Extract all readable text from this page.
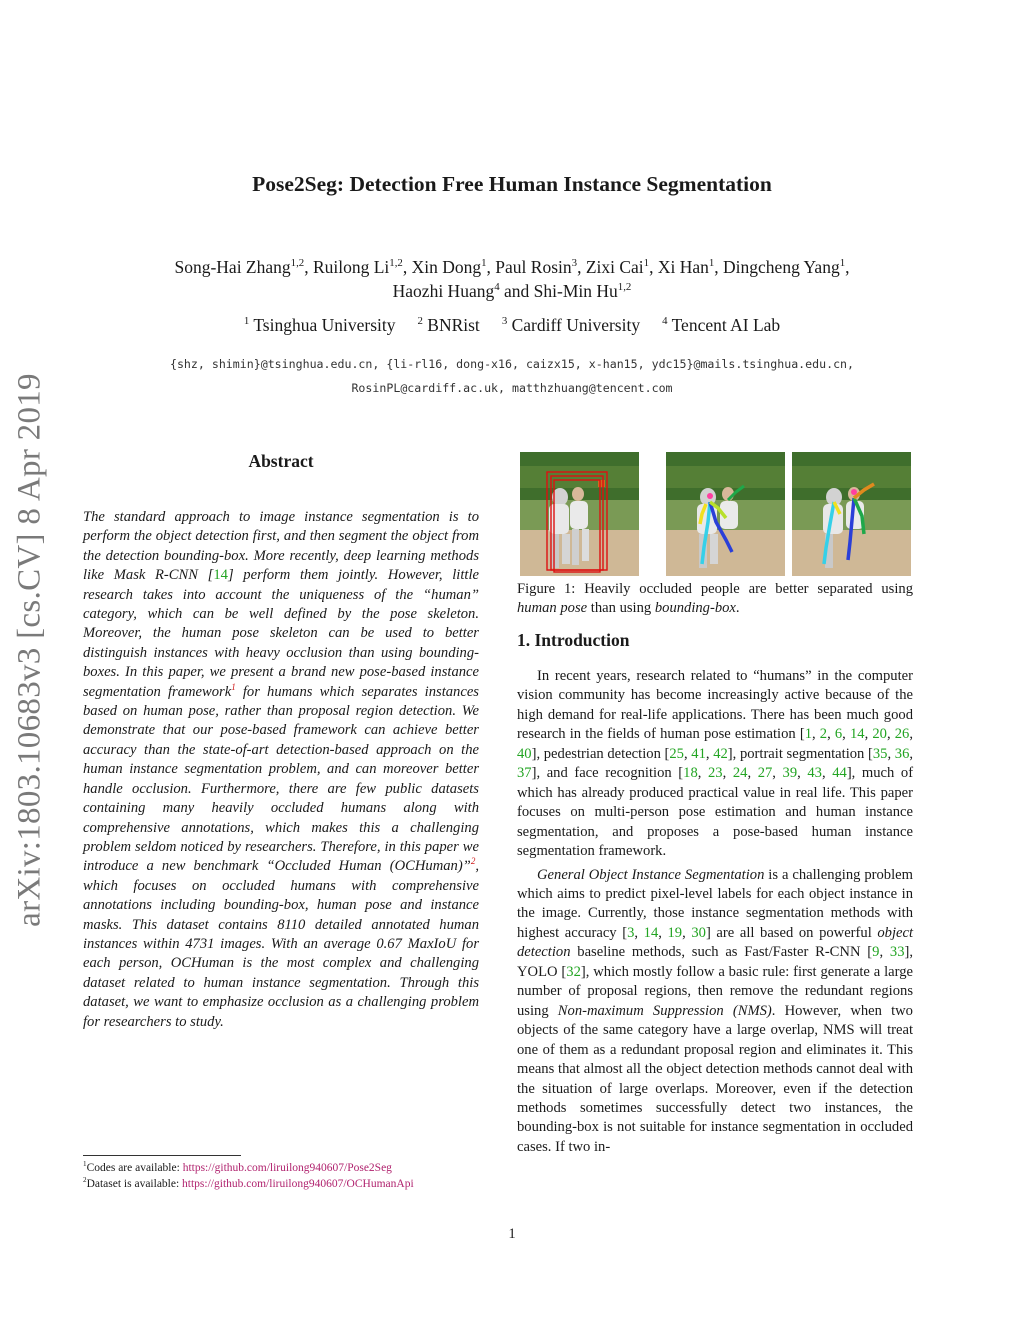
arXiv:1803.10683v3 [cs.CV] 8 Apr 2019
Pose2Seg: Detection Free Human Instance Segmentation
Song-Hai Zhang$^{1,2}$, Ruilong Li$^{1,2}$, Xin Dong$^1$, Paul Rosin$^3$, Zixi Cai$^1$, Xi Han$^1$, Dingcheng Yang$^1$,
Haozhi Huang$^4$ and Shi-Min Hu$^{1,2}$
$^1$ Tsinghua University $^2$ BNRist $^3$ Cardiff University $^4$ Tencent AI Lab
{shz, shimin}@tsinghua.edu.cn, {li-rl16, dong-x16, caizx15, x-han15, ydc15}@mails.tsinghua.edu.cn,
RosinPL@cardiff.ac.uk, matthzhuang@tencent.com
Abstract
The standard approach to image instance segmentation is to perform the object detection first, and then segment the object from the detection bounding-box. More recently, deep learning methods like Mask R-CNN [14] perform them jointly. However, little research takes into account the uniqueness of the “human” category, which can be well defined by the pose skeleton. Moreover, the human pose skeleton can be used to better distinguish instances with heavy occlusion than using bounding-boxes. In this paper, we present a brand new pose-based instance segmentation framework$^1$ for humans which separates instances based on human pose, rather than proposal region detection. We demonstrate that our pose-based framework can achieve better accuracy than the state-of-art detection-based approach on the human instance segmentation problem, and can moreover better handle occlusion. Furthermore, there are few public datasets containing many heavily occluded humans along with comprehensive annotations, which makes this a challenging problem seldom noticed by researchers. Therefore, in this paper we introduce a new benchmark “Occluded Human (OCHuman)”$^2$, which focuses on occluded humans with comprehensive annotations including bounding-box, human pose and instance masks. This dataset contains 8110 detailed annotated human instances within 4731 images. With an average 0.67 MaxIoU for each person, OCHuman is the most complex and challenging dataset related to human instance segmentation. Through this dataset, we want to emphasize occlusion as a challenging problem for researchers to study.
$^1$Codes are available: https://github.com/liruilong940607/Pose2Seg
$^2$Dataset is available: https://github.com/liruilong940607/OCHumanApi
Figure 1: Heavily occluded people are better separated using human pose than using bounding-box.
1. Introduction

In recent years, research related to “humans” in the computer vision community has become increasingly active because of the high demand for real-life applications. There has been much good research in the fields of human pose estimation [1, 2, 6, 14, 20, 26, 40], pedestrian detection [25, 41, 42], portrait segmentation [35, 36, 37], and face recognition [18, 23, 24, 27, 39, 43, 44], much of which has already produced practical value in real life. This paper focuses on multi-person pose estimation and human instance segmentation, and proposes a pose-based human instance segmentation framework.

General Object Instance Segmentation is a challenging problem which aims to predict pixel-level labels for each object instance in the image. Currently, those instance segmentation methods with highest accuracy [3, 14, 19, 30] are all based on powerful object detection baseline methods, such as Fast/Faster R-CNN [9, 33], YOLO [32], which mostly follow a basic rule: first generate a large number of proposal regions, then remove the redundant regions using Non-maximum Suppression (NMS). However, when two objects of the same category have a large overlap, NMS will treat one of them as a redundant proposal region and eliminates it. This means that almost all the object detection methods cannot deal with the situation of large overlaps. Moreover, even if the detection methods sometimes successfully detect two instances, the bounding-box is not suitable for instance segmentation in occluded cases. If two in-

1
